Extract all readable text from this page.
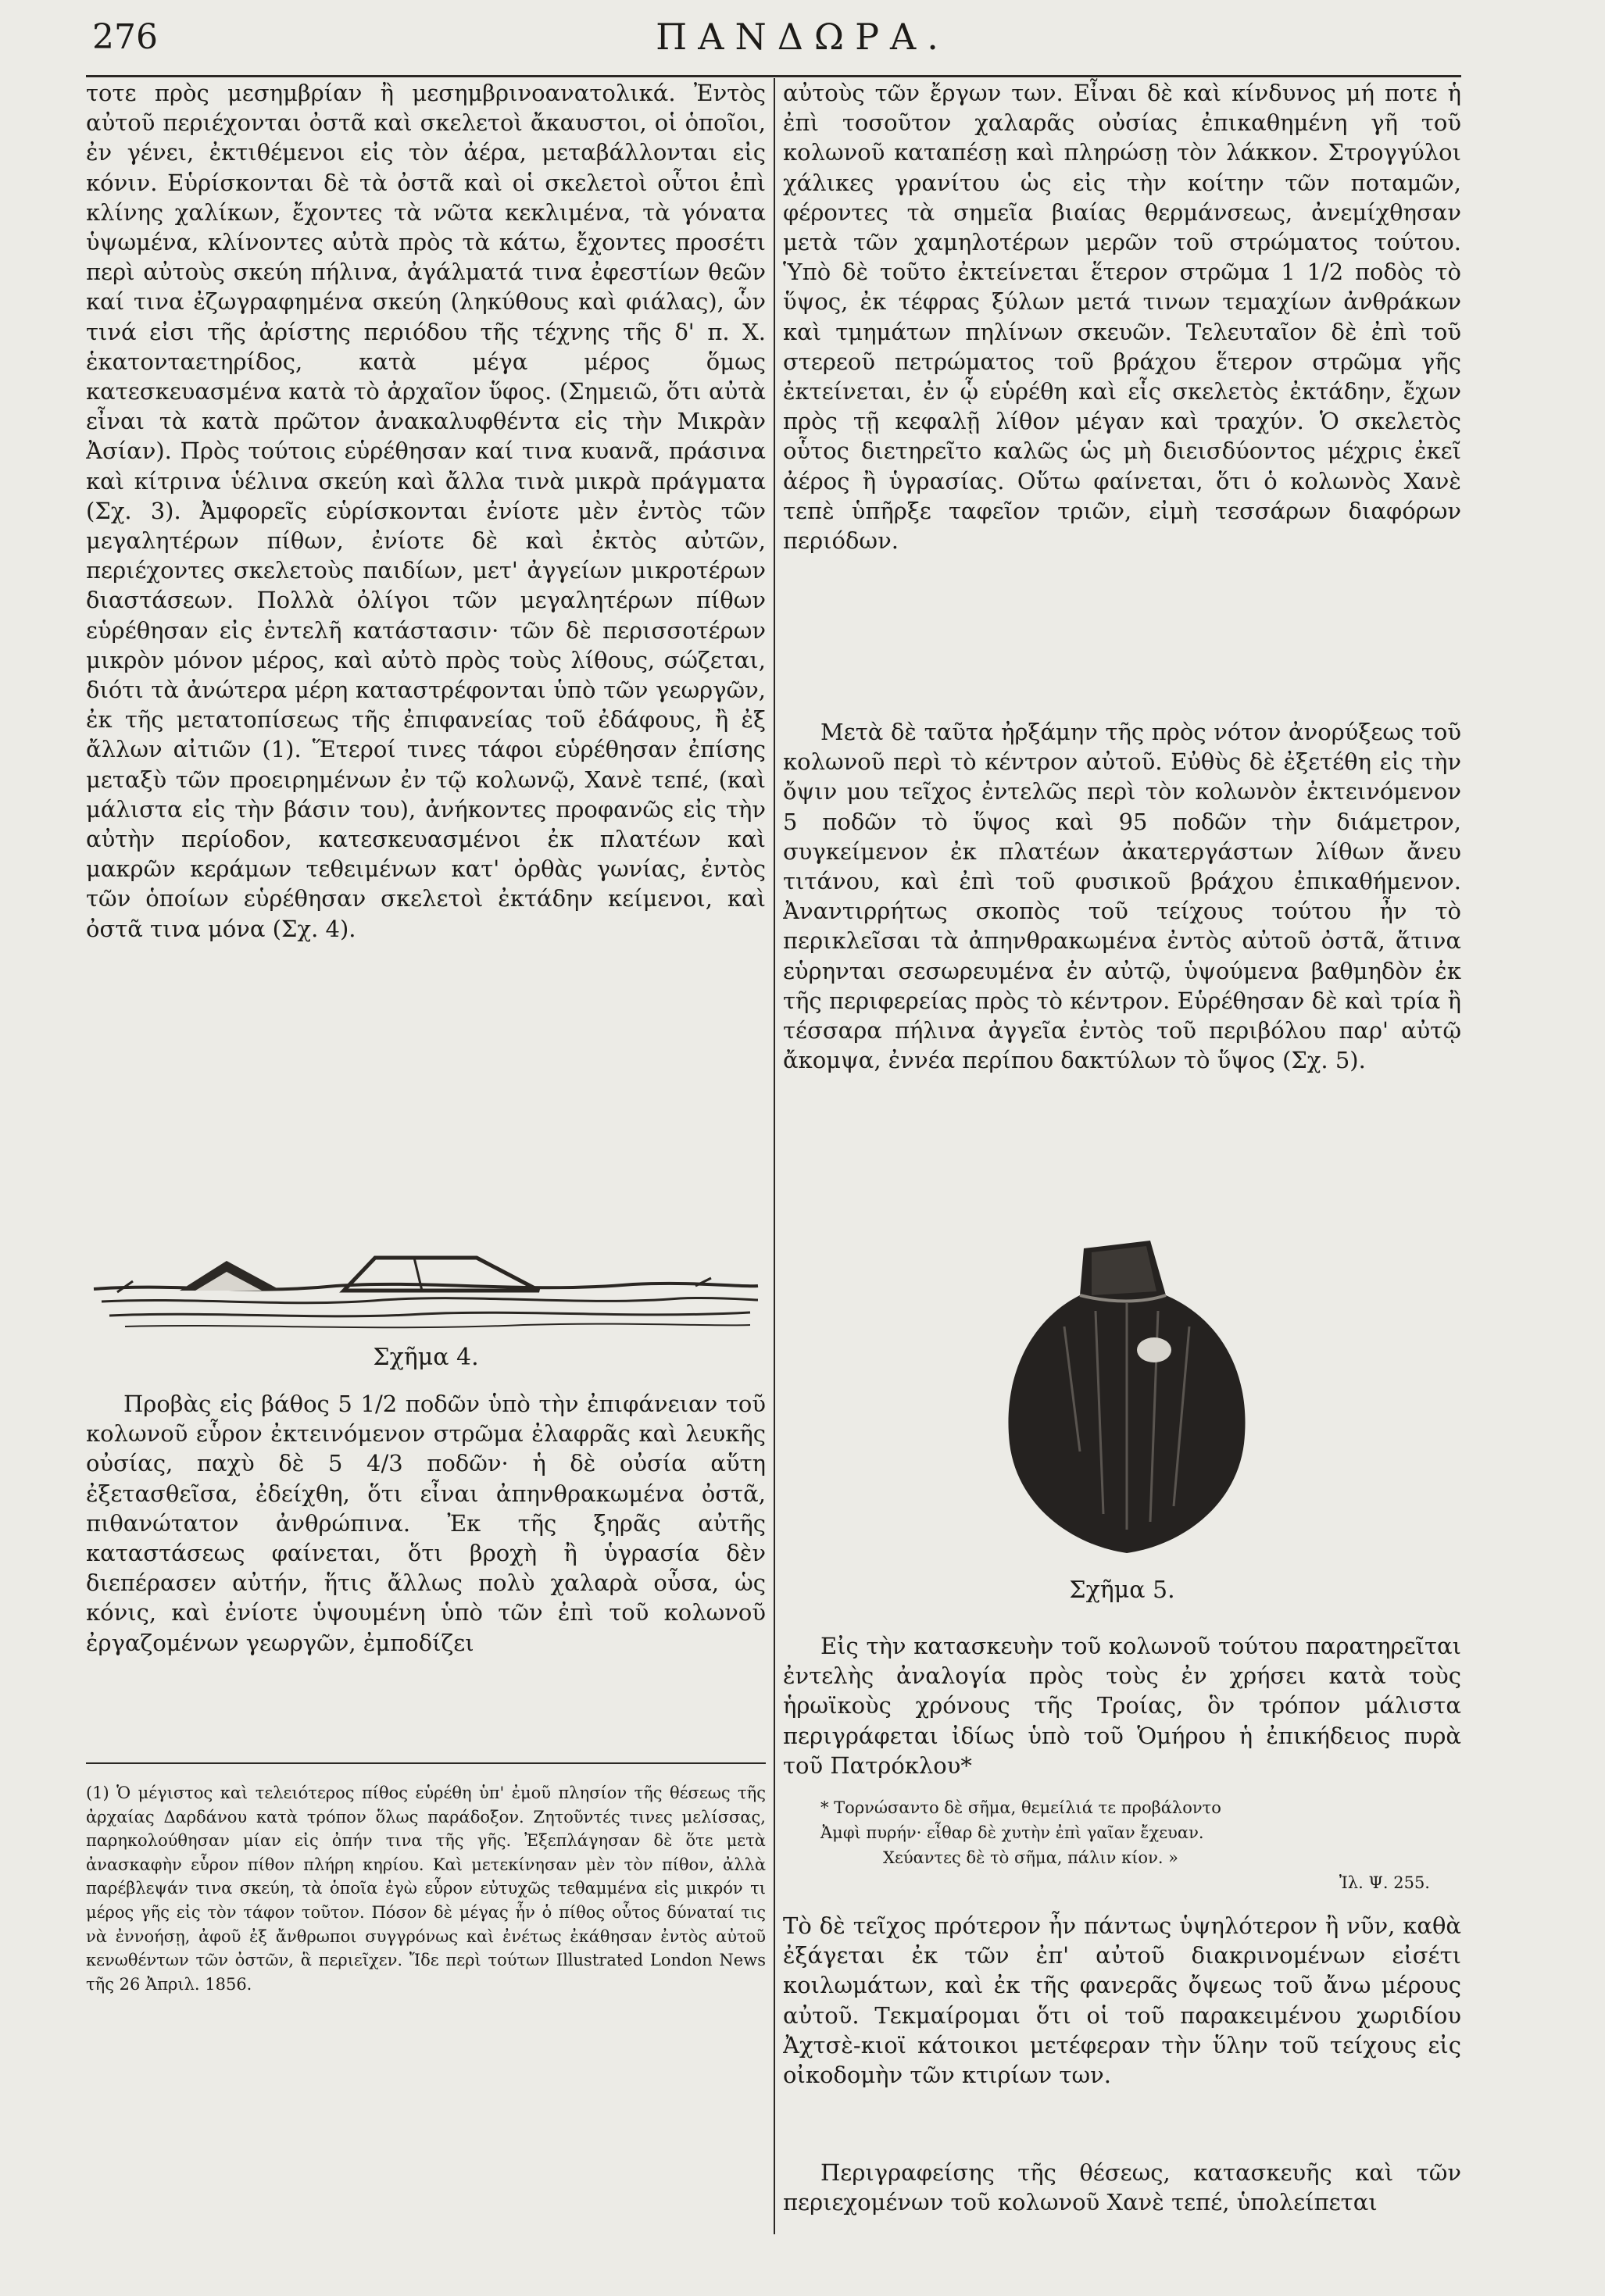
276	ΠΑΝΔΩΡΑ.

τοτε πρὸς μεσημβρίαν ἢ μεσημβρινοανατολικά. Ἐντὸς αὐτοῦ περιέχονται ὀστᾶ καὶ σκελετοὶ ἄκαυστοι, οἱ ὁποῖοι, ἐν γένει, ἐκτιθέμενοι εἰς τὸν ἀέρα, μεταβάλλονται εἰς κόνιν. Εὑρίσκονται δὲ τὰ ὀστᾶ καὶ οἱ σκελετοὶ οὗτοι ἐπὶ κλίνης χαλίκων, ἔχοντες τὰ νῶτα κεκλιμένα, τὰ γόνατα ὑψωμένα, κλίνοντες αὐτὰ πρὸς τὰ κάτω, ἔχοντες προσέτι περὶ αὐτοὺς σκεύη πήλινα, ἀγάλματά τινα ἐφεστίων θεῶν καί τινα ἐζωγραφημένα σκεύη (ληκύθους καὶ φιάλας), ὧν τινά εἰσι τῆς ἀρίστης περιόδου τῆς τέχνης τῆς δ' π. Χ. ἑκατονταετηρίδος, κατὰ μέγα μέρος ὅμως κατεσκευασμένα κατὰ τὸ ἀρχαῖον ὕφος. (Σημειῶ, ὅτι αὐτὰ εἶναι τὰ κατὰ πρῶτον ἀνακαλυφθέντα εἰς τὴν Μικρὰν Ἀσίαν). Πρὸς τούτοις εὑρέθησαν καί τινα κυανᾶ, πράσινα καὶ κίτρινα ὑέλινα σκεύη καὶ ἄλλα τινὰ μικρὰ πράγματα (Σχ. 3). Ἀμφορεῖς εὑρίσκονται ἐνίοτε μὲν ἐντὸς τῶν μεγαλητέρων πίθων, ἐνίοτε δὲ καὶ ἐκτὸς αὐτῶν, περιέχοντες σκελετοὺς παιδίων, μετ' ἀγγείων μικροτέρων διαστάσεων. Πολλὰ ὀλίγοι τῶν μεγαλητέρων πίθων εὑρέθησαν εἰς ἐντελῆ κατάστασιν· τῶν δὲ περισσοτέρων μικρὸν μόνον μέρος, καὶ αὐτὸ πρὸς τοὺς λίθους, σώζεται, διότι τὰ ἀνώτερα μέρη καταστρέφονται ὑπὸ τῶν γεωργῶν, ἐκ τῆς μετατοπίσεως τῆς ἐπιφανείας τοῦ ἐδάφους, ἢ ἐξ ἄλλων αἰτιῶν (1). Ἕτεροί τινες τάφοι εὑρέθησαν ἐπίσης μεταξὺ τῶν προειρημένων ἐν τῷ κολωνῷ, Χανὲ τεπέ, (καὶ μάλιστα εἰς τὴν βάσιν του), ἀνήκοντες προφανῶς εἰς τὴν αὐτὴν περίοδον, κατεσκευασμένοι ἐκ πλατέων καὶ μακρῶν κεράμων τεθειμένων κατ' ὀρθὰς γωνίας, ἐντὸς τῶν ὁποίων εὑρέθησαν σκελετοὶ ἐκτάδην κείμενοι, καὶ ὀστᾶ τινα μόνα (Σχ. 4).

Σχῆμα 4.

Προβὰς εἰς βάθος 5 1/2 ποδῶν ὑπὸ τὴν ἐπιφάνειαν τοῦ κολωνοῦ εὗρον ἐκτεινόμενον στρῶμα ἐλαφρᾶς καὶ λευκῆς οὐσίας, παχὺ δὲ 5 4/3 ποδῶν· ἡ δὲ οὐσία αὕτη ἐξετασθεῖσα, ἐδείχθη, ὅτι εἶναι ἀπηνθρακωμένα ὀστᾶ, πιθανώτατον ἀνθρώπινα. Ἐκ τῆς ξηρᾶς αὐτῆς καταστάσεως φαίνεται, ὅτι βροχὴ ἢ ὑγρασία δὲν διεπέρασεν αὐτήν, ἥτις ἄλλως πολὺ χαλαρὰ οὖσα, ὡς κόνις, καὶ ἐνίοτε ὑψουμένη ὑπὸ τῶν ἐπὶ τοῦ κολωνοῦ ἐργαζομένων γεωργῶν, ἐμποδίζει

(1) Ὁ μέγιστος καὶ τελειότερος πίθος εὑρέθη ὑπ' ἐμοῦ πλησίον τῆς θέσεως τῆς ἀρχαίας Δαρδάνου κατὰ τρόπον ὅλως παράδοξον. Ζητοῦντές τινες μελίσσας, παρηκολούθησαν μίαν εἰς ὀπήν τινα τῆς γῆς. Ἐξεπλάγησαν δὲ ὅτε μετὰ ἀνασκαφὴν εὗρον πίθον πλήρη κηρίου. Καὶ μετεκίνησαν μὲν τὸν πίθον, ἀλλὰ παρέβλεψάν τινα σκεύη, τὰ ὁποῖα ἐγὼ εὗρον εὐτυχῶς τεθαμμένα εἰς μικρόν τι μέρος γῆς εἰς τὸν τάφον τοῦτον. Πόσον δὲ μέγας ἦν ὁ πίθος οὗτος δύναταί τις νὰ ἐννοήσῃ, ἀφοῦ ἐξ ἄνθρωποι συγγρόνως καὶ ἐνέτως ἐκάθησαν ἐντὸς αὐτοῦ κενωθέντων τῶν ὀστῶν, ἃ περιεῖχεν. Ἴδε περὶ τούτων Illustrated London News τῆς 26 Ἀπριλ. 1856.

αὐτοὺς τῶν ἔργων των. Εἶναι δὲ καὶ κίνδυνος μή ποτε ἡ ἐπὶ τοσοῦτον χαλαρᾶς οὐσίας ἐπικαθημένη γῆ τοῦ κολωνοῦ καταπέσῃ καὶ πληρώσῃ τὸν λάκκον. Στρογγύλοι χάλικες γρανίτου ὡς εἰς τὴν κοίτην τῶν ποταμῶν, φέροντες τὰ σημεῖα βιαίας θερμάνσεως, ἀνεμίχθησαν μετὰ τῶν χαμηλοτέρων μερῶν τοῦ στρώματος τούτου. Ὑπὸ δὲ τοῦτο ἐκτείνεται ἕτερον στρῶμα 1 1/2 ποδὸς τὸ ὕψος, ἐκ τέφρας ξύλων μετά τινων τεμαχίων ἀνθράκων καὶ τμημάτων πηλίνων σκευῶν. Τελευταῖον δὲ ἐπὶ τοῦ στερεοῦ πετρώματος τοῦ βράχου ἕτερον στρῶμα γῆς ἐκτείνεται, ἐν ᾧ εὑρέθη καὶ εἷς σκελετὸς ἐκτάδην, ἔχων πρὸς τῇ κεφαλῇ λίθον μέγαν καὶ τραχύν. Ὁ σκελετὸς οὗτος διετηρεῖτο καλῶς ὡς μὴ διεισδύοντος μέχρις ἐκεῖ ἀέρος ἢ ὑγρασίας. Οὕτω φαίνεται, ὅτι ὁ κολωνὸς Χανὲ τεπὲ ὑπῆρξε ταφεῖον τριῶν, εἰμὴ τεσσάρων διαφόρων περιόδων.

Μετὰ δὲ ταῦτα ἠρξάμην τῆς πρὸς νότον ἀνορύξεως τοῦ κολωνοῦ περὶ τὸ κέντρον αὐτοῦ. Εὐθὺς δὲ ἐξετέθη εἰς τὴν ὄψιν μου τεῖχος ἐντελῶς περὶ τὸν κολωνὸν ἐκτεινόμενον 5 ποδῶν τὸ ὕψος καὶ 95 ποδῶν τὴν διάμετρον, συγκείμενον ἐκ πλατέων ἀκατεργάστων λίθων ἄνευ τιτάνου, καὶ ἐπὶ τοῦ φυσικοῦ βράχου ἐπικαθήμενον. Ἀναντιρρήτως σκοπὸς τοῦ τείχους τούτου ἦν τὸ περικλεῖσαι τὰ ἀπηνθρακωμένα ἐντὸς αὐτοῦ ὀστᾶ, ἅτινα εὑρηνται σεσωρευμένα ἐν αὐτῷ, ὑψούμενα βαθμηδὸν ἐκ τῆς περιφερείας πρὸς τὸ κέντρον. Εὑρέθησαν δὲ καὶ τρία ἢ τέσσαρα πήλινα ἀγγεῖα ἐντὸς τοῦ περιβόλου παρ' αὐτῷ ἄκομψα, ἐννέα περίπου δακτύλων τὸ ὕψος (Σχ. 5).

Σχῆμα 5.

Εἰς τὴν κατασκευὴν τοῦ κολωνοῦ τούτου παρατηρεῖται ἐντελὴς ἀναλογία πρὸς τοὺς ἐν χρήσει κατὰ τοὺς ἡρωϊκοὺς χρόνους τῆς Τροίας, ὃν τρόπον μάλιστα περιγράφεται ἰδίως ὑπὸ τοῦ Ὁμήρου ἡ ἐπικήδειος πυρὰ τοῦ Πατρόκλου*

* Τορνώσαντο δὲ σῆμα, θεμείλιά τε προβάλοντο

Ἀμφὶ πυρήν· εἶθαρ δὲ χυτὴν ἐπὶ γαῖαν ἔχευαν.

Χεύαντες δὲ τὸ σῆμα, πάλιν κίον. »

Ἰλ. Ψ. 255.

Τὸ δὲ τεῖχος πρότερον ἦν πάντως ὑψηλότερον ἢ νῦν, καθὰ ἐξάγεται ἐκ τῶν ἐπ' αὐτοῦ διακρινομένων εἰσέτι κοιλωμάτων, καὶ ἐκ τῆς φανερᾶς ὄψεως τοῦ ἄνω μέρους αὐτοῦ. Τεκμαίρομαι ὅτι οἱ τοῦ παρακειμένου χωριδίου Ἀχτσὲ-κιοϊ κάτοικοι μετέφεραν τὴν ὕλην τοῦ τείχους εἰς οἰκοδομὴν τῶν κτιρίων των.

Περιγραφείσης τῆς θέσεως, κατασκευῆς καὶ τῶν περιεχομένων τοῦ κολωνοῦ Χανὲ τεπέ, ὑπολείπεται
